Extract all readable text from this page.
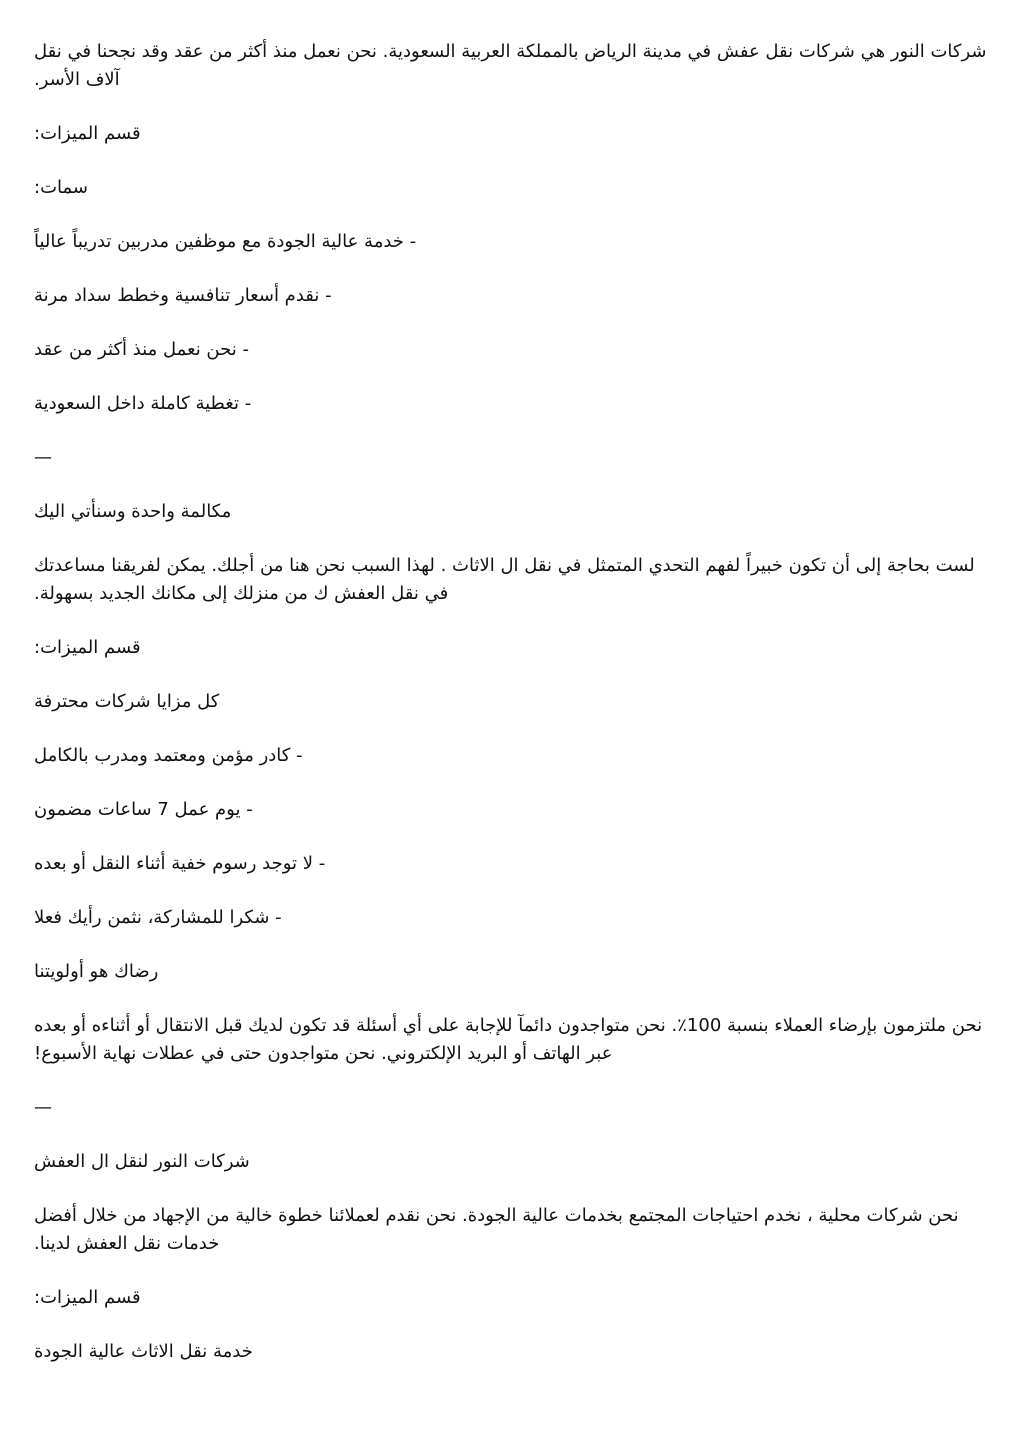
شركات النور هي شركات نقل عفش في مدينة الرياض بالمملكة العربية السعودية. نحن نعمل منذ أكثر من عقد وقد نجحنا في نقل آلاف الأسر.

قسم الميزات:

سمات:

- خدمة عالية الجودة مع موظفين مدربين تدريباً عالياً

- نقدم أسعار تنافسية وخطط سداد مرنة

- نحن نعمل منذ أكثر من عقد

- تغطية كاملة داخل السعودية

—

مكالمة واحدة وسنأتي اليك

لست بحاجة إلى أن تكون خبيراً لفهم التحدي المتمثل في نقل ال الاثاث . لهذا السبب نحن هنا من أجلك. يمكن لفريقنا مساعدتك في نقل العفش ك من منزلك إلى مكانك الجديد بسهولة.

قسم الميزات:

كل مزايا شركات محترفة

- كادر مؤمن ومعتمد ومدرب بالكامل

- يوم عمل 7 ساعات مضمون

- لا توجد رسوم خفية أثناء النقل أو بعده

- شكرا للمشاركة، نثمن رأيك فعلا

رضاك هو أولويتنا

نحن ملتزمون بإرضاء العملاء بنسبة 100٪. نحن متواجدون دائمآ للإجابة على أي أسئلة قد تكون لديك قبل الانتقال أو أثناءه أو بعده عبر الهاتف أو البريد الإلكتروني. نحن متواجدون حتى في عطلات نهاية الأسبوع!

—

شركات النور لنقل ال العفش

نحن شركات محلية ، نخدم احتياجات المجتمع بخدمات عالية الجودة. نحن نقدم لعملائنا خطوة خالية من الإجهاد من خلال أفضل خدمات نقل العفش لدينا.

قسم الميزات:

خدمة نقل الاثاث عالية الجودة
